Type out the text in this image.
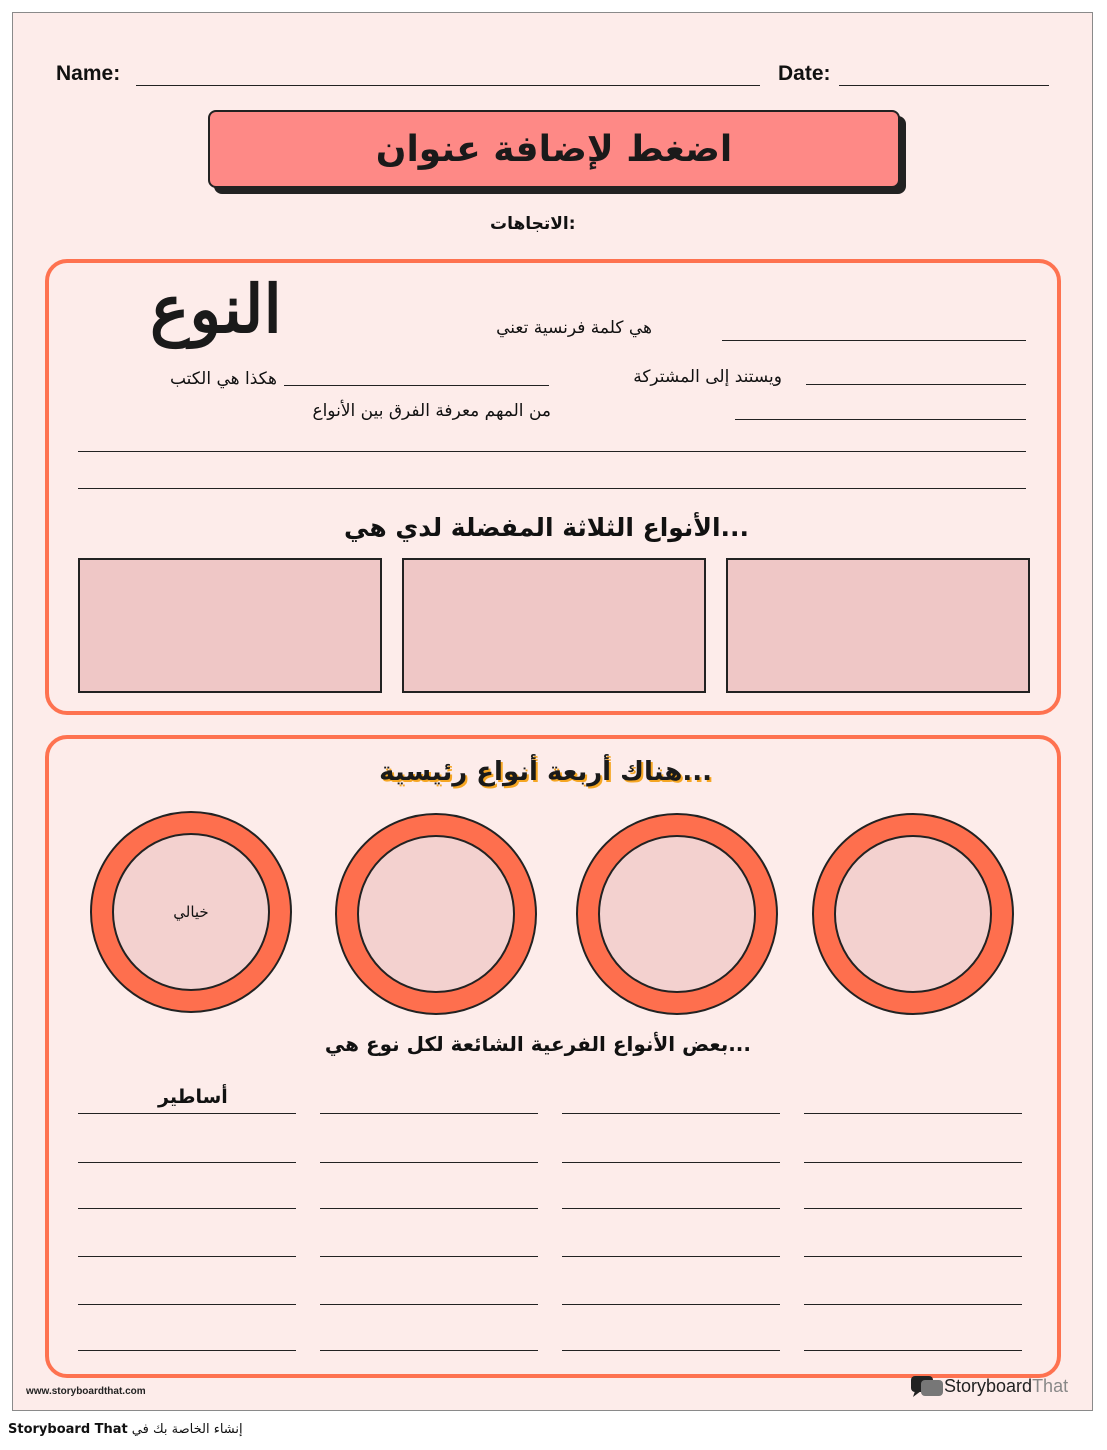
Name:	Date:
اضغط لإضافة عنوان
:الاتجاهات
النوع	هي كلمة فرنسية تعني
ويستند إلى المشتركة
هكذا هي الكتب
من المهم معرفة الفرق بين الأنواع
...الأنواع الثلاثة المفضلة لدي هي
...هناك أربعة أنواع رئيسية
خيالي
...بعض الأنواع الفرعية الشائعة لكل نوع هي
أساطير
www.storyboardthat.com	Storyboard That
Storyboard That إنشاء الخاصة بك في
